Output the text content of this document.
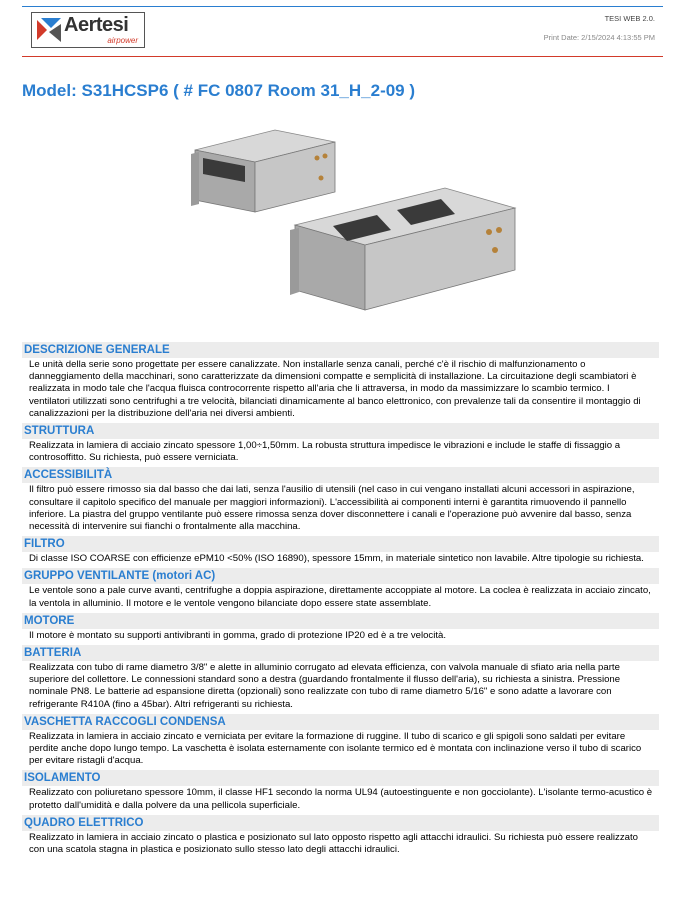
Aertesi
airpower
TESI WEB 2.0.
Print Date: 2/15/2024 4:13:55 PM
Model: S31HCSP6 ( # FC 0807 Room 31_H_2-09 )
DESCRIZIONE GENERALE
Le unità della serie sono progettate per essere canalizzate. Non installarle senza canali, perché c'è il rischio di malfunzionamento o danneggiamento della macchinari, sono caratterizzate da dimensioni compatte e semplicità di installazione. La circuitazione degli scambiatori è realizzata in modo tale che l'acqua fluisca controcorrente rispetto all'aria che li attraversa, in modo da massimizzare lo scambio termico. I ventilatori utilizzati sono centrifughi a tre velocità, bilanciati dinamicamente al banco elettronico, con prevalenze tali da consentire il montaggio di canalizzazioni per la distribuzione dell'aria nei diversi ambienti.
STRUTTURA
Realizzata in lamiera di acciaio zincato spessore 1,00÷1,50mm. La robusta struttura impedisce le vibrazioni e include le staffe di fissaggio a controsoffitto. Su richiesta, può essere verniciata.
ACCESSIBILITÀ
Il filtro può essere rimosso sia dal basso che dai lati, senza l'ausilio di utensili (nel caso in cui vengano installati alcuni accessori in aspirazione, consultare il capitolo specifico del manuale per maggiori informazioni). L'accessibilità ai componenti interni è garantita rimuovendo il pannello inferiore. La piastra del gruppo ventilante può essere rimossa senza dover disconnettere i canali e l'operazione può avvenire dal basso, senza necessità di intervenire sui fianchi o frontalmente alla macchina.
FILTRO
Di classe ISO COARSE con efficienze ePM10 <50% (ISO 16890), spessore 15mm, in materiale sintetico non lavabile. Altre tipologie su richiesta.
GRUPPO VENTILANTE (motori AC)
Le ventole sono a pale curve avanti, centrifughe a doppia aspirazione, direttamente accoppiate al motore. La coclea è realizzata in acciaio zincato, la ventola in alluminio. Il motore e le ventole vengono bilanciate dopo essere state assemblate.
MOTORE
Il motore è montato su supporti antivibranti in gomma, grado di protezione IP20 ed è a tre velocità.
BATTERIA
Realizzata con tubo di rame diametro 3/8" e alette in alluminio corrugato ad elevata efficienza, con valvola manuale di sfiato aria nella parte superiore del collettore. Le connessioni standard sono a destra (guardando frontalmente il flusso dell'aria), su richiesta a sinistra. Pressione nominale PN8. Le batterie ad espansione diretta (opzionali) sono realizzate con tubo di rame diametro 5/16" e sono adatte a lavorare con refrigerante R410A (fino a 45bar). Altri refrigeranti su richiesta.
VASCHETTA RACCOGLI CONDENSA
Realizzata in lamiera in acciaio zincato e verniciata per evitare la formazione di ruggine. Il tubo di scarico e gli spigoli sono saldati per evitare perdite anche dopo lungo tempo. La vaschetta è isolata esternamente con isolante termico ed è montata con inclinazione verso il tubo di scarico per evitare ristagli d'acqua.
ISOLAMENTO
Realizzato con poliuretano spessore 10mm, il classe HF1 secondo la norma UL94 (autoestinguente e non gocciolante). L'isolante termo-acustico è protetto dall'umidità e dalla polvere da una pellicola superficiale.
QUADRO ELETTRICO
Realizzato in lamiera in acciaio zincato o plastica e posizionato sul lato opposto rispetto agli attacchi idraulici. Su richiesta può essere realizzato con una scatola stagna in plastica e posizionato sullo stesso lato degli attacchi idraulici.
